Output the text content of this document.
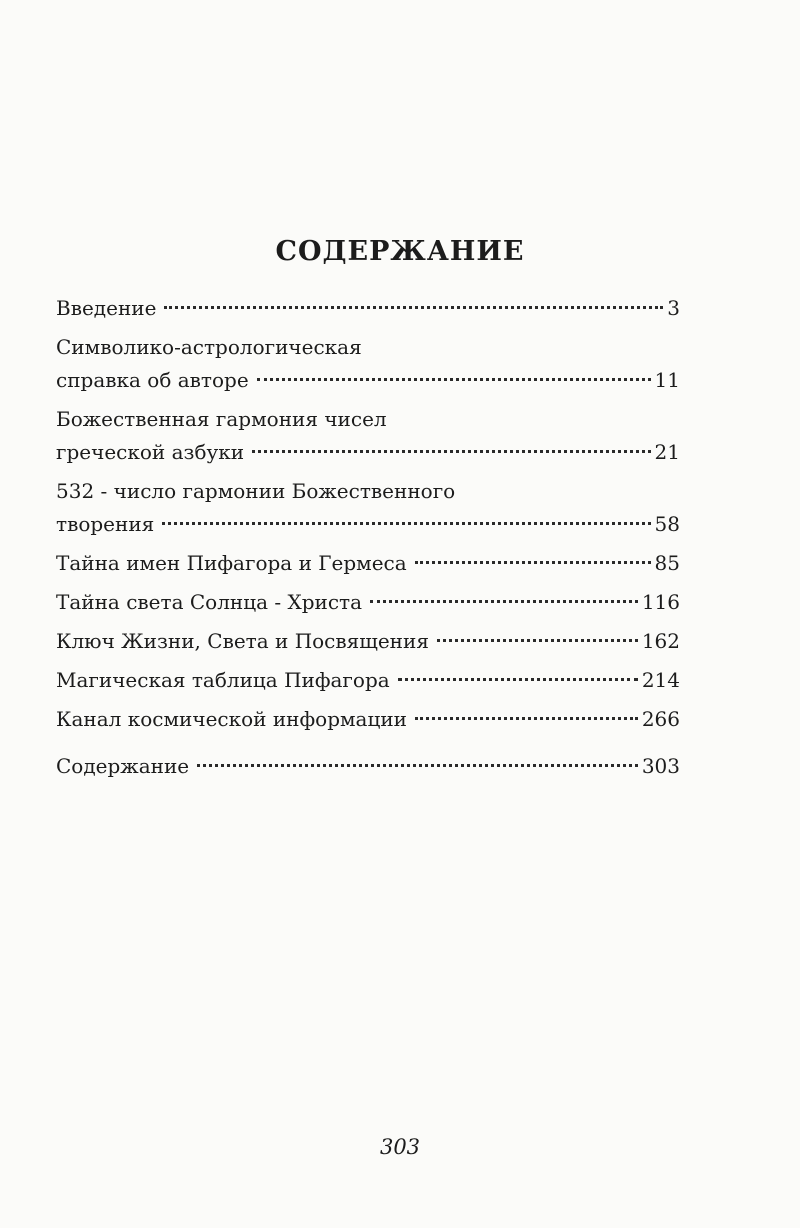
СОДЕРЖАНИЕ
Введение	3
Символико-астрологическая
справка об авторе	11
Божественная гармония чисел
греческой азбуки	21
532 - число гармонии Божественного
творения	58
Тайна имен Пифагора и Гермеса	85
Тайна света Солнца - Христа	116
Ключ Жизни, Света и Посвящения	162
Магическая таблица Пифагора	214
Канал космической информации	266
Содержание	303
303
